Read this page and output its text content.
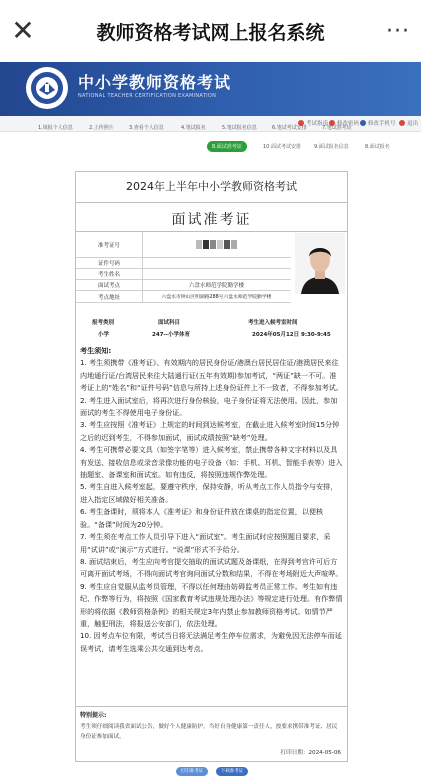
✕	教师资格考试网上报名系统	···
中小学教师资格考试
NATIONAL TEACHER CERTIFICATION EXAMINATION
考试指南 修改密码 修改手机号 退出
1.填报个人信息	2.上传照片	3.查看个人信息	4.笔试报名	5.笔试报名信息	6.笔试考试安排	7.笔试准考证
8.面试准考证	10.面试考试安排	9.面试报名信息	8.面试报名
2024年上半年中小学教师资格考试
面试准考证
准考证号
证件号码
考生姓名
面试考点	六盘水师范学院勤学楼
考点地址	六盘水市钟山区明湖路288号六盘水师范学院勤学楼
报考类别	面试科目	考生进入候考室时间
小学	247--小学体育	2024年05月12日 9:30-9:45

考生须知:

1. 考生须携带《准考证》、有效期内的居民身份证/港澳台居民居住证/港澳居民来往内地通行证/台湾居民来往大陆通行证(五年有效期)参加考试，“两证”缺一不可。准考证上的“姓名”和“证件号码”信息与所持上述身份证件上不一致者，不得参加考试。

2. 考生进入面试室后，将再次进行身份核验，电子身份证将无法使用。因此，参加面试的考生不得使用电子身份证。

3. 考生应按照《准考证》上规定的时间到达候考室，在截止进入候考室时间15分钟之后的迟到考生，不得参加面试，面试成绩按照“缺考”处理。

4. 考生可携带必要文具（如签字笔等）进入候考室，禁止携带各种文字材料以及具有发送、接收信息或录音录像功能的电子设备（如：手机、耳机、智能手表等）进入抽题室、备课室和面试室。如有违反，将按照违规作弊处理。

5. 考生自进入候考室起，要遵守秩序，保持安静，听从考点工作人员指令与安排，进入指定区域做好相关准备。

6. 考生备课时，须将本人《准考证》和身份证件放在课桌的指定位置，以便核验。“备课”时间为20分钟。

7. 考生须在考点工作人员引导下进入“面试室”。考生面试时应按照题目要求，采用“试讲”或“演示”方式进行。“说课”形式不予给分。

8. 面试结束后，考生应向考官提交抽取的面试试题及备课纸，在得到考官许可后方可离开面试考场，不得向面试考官询问面试分数和结果，不得在考场附近大声喧哗。

9. 考生应自觉服从监考员管理，不得以任何理由妨碍监考员正常工作。考生如有违纪、作弊等行为，将按照《国家教育考试违规处理办法》等规定进行处理。有作弊情形的将依据《教师资格条例》的相关规定3年内禁止参加教师资格考试。如情节严重，触犯刑法，将报送公安部门，依法处理。

10. 因考点车位有限，考试当日将无法满足考生停车位需求，为避免因无法停车而延误考试，请考生选乘公共交通到达考点。

特别提示:
考生须仔细阅读我省面试公告，做好个人健康防护，当好自身健康第一责任人，按要求携带准考证、居民身份证参加面试。
打印日期：2024-05-06
打印准考证	下载准考证
